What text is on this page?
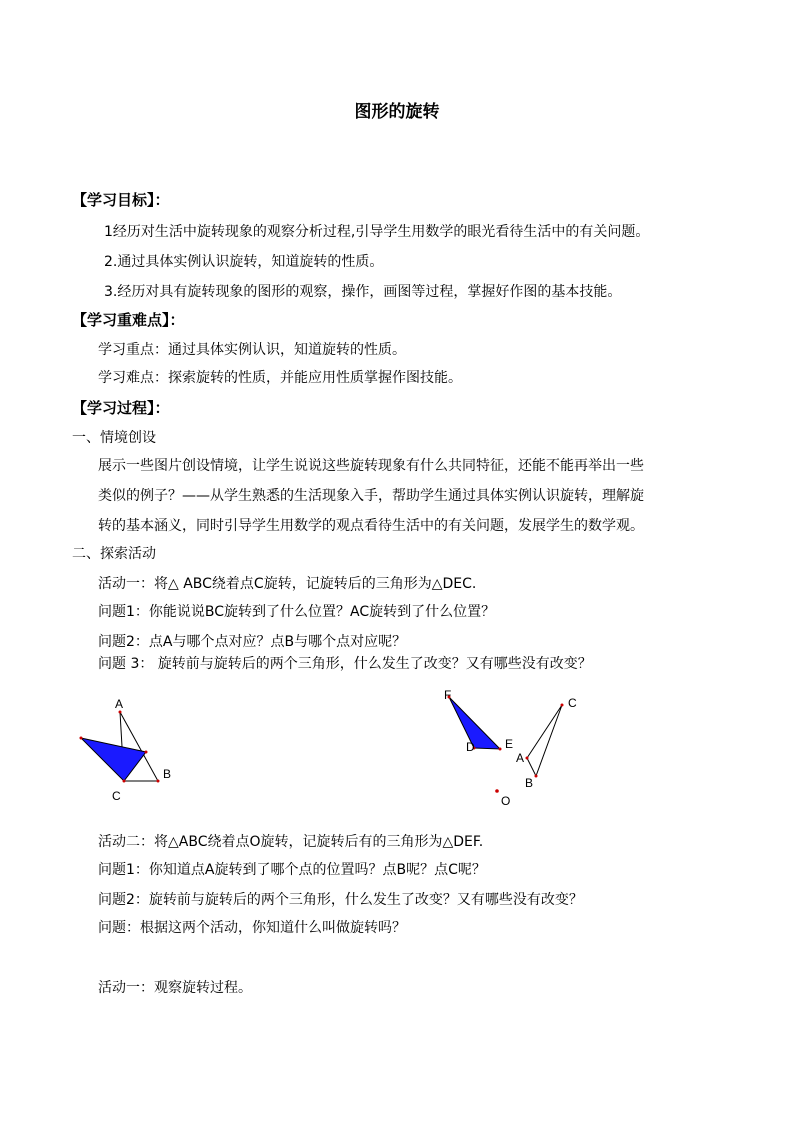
图形的旋转
【学习目标】：
1经历对生活中旋转现象的观察分析过程,引导学生用数学的眼光看待生活中的有关问题。
2.通过具体实例认识旋转，知道旋转的性质。
3.经历对具有旋转现象的图形的观察，操作，画图等过程，掌握好作图的基本技能。
【学习重难点】：
学习重点：通过具体实例认识，知道旋转的性质。
学习难点：探索旋转的性质，并能应用性质掌握作图技能。
【学习过程】：
一、情境创设
展示一些图片创设情境，让学生说说这些旋转现象有什么共同特征，还能不能再举出一些
类似的例子？——从学生熟悉的生活现象入手，帮助学生通过具体实例认识旋转，理解旋
转的基本涵义，同时引导学生用数学的观点看待生活中的有关问题，发展学生的数学观。
二、探索活动
活动一：将△ ABC绕着点C旋转，记旋转后的三角形为△DEC.
问题1：你能说说BC旋转到了什么位置？AC旋转到了什么位置？
问题2：点A与哪个点对应？点B与哪个点对应呢？
问题 3： 旋转前与旋转后的两个三角形，什么发生了改变？又有哪些没有改变？
A
B
C
F
D	E
C
A
B
O
活动二：将△ABC绕着点O旋转，记旋转后有的三角形为△DEF.
问题1：你知道点A旋转到了哪个点的位置吗？点B呢？点C呢？
问题2：旋转前与旋转后的两个三角形，什么发生了改变？又有哪些没有改变？
问题：根据这两个活动，你知道什么叫做旋转吗？
活动一：观察旋转过程。
